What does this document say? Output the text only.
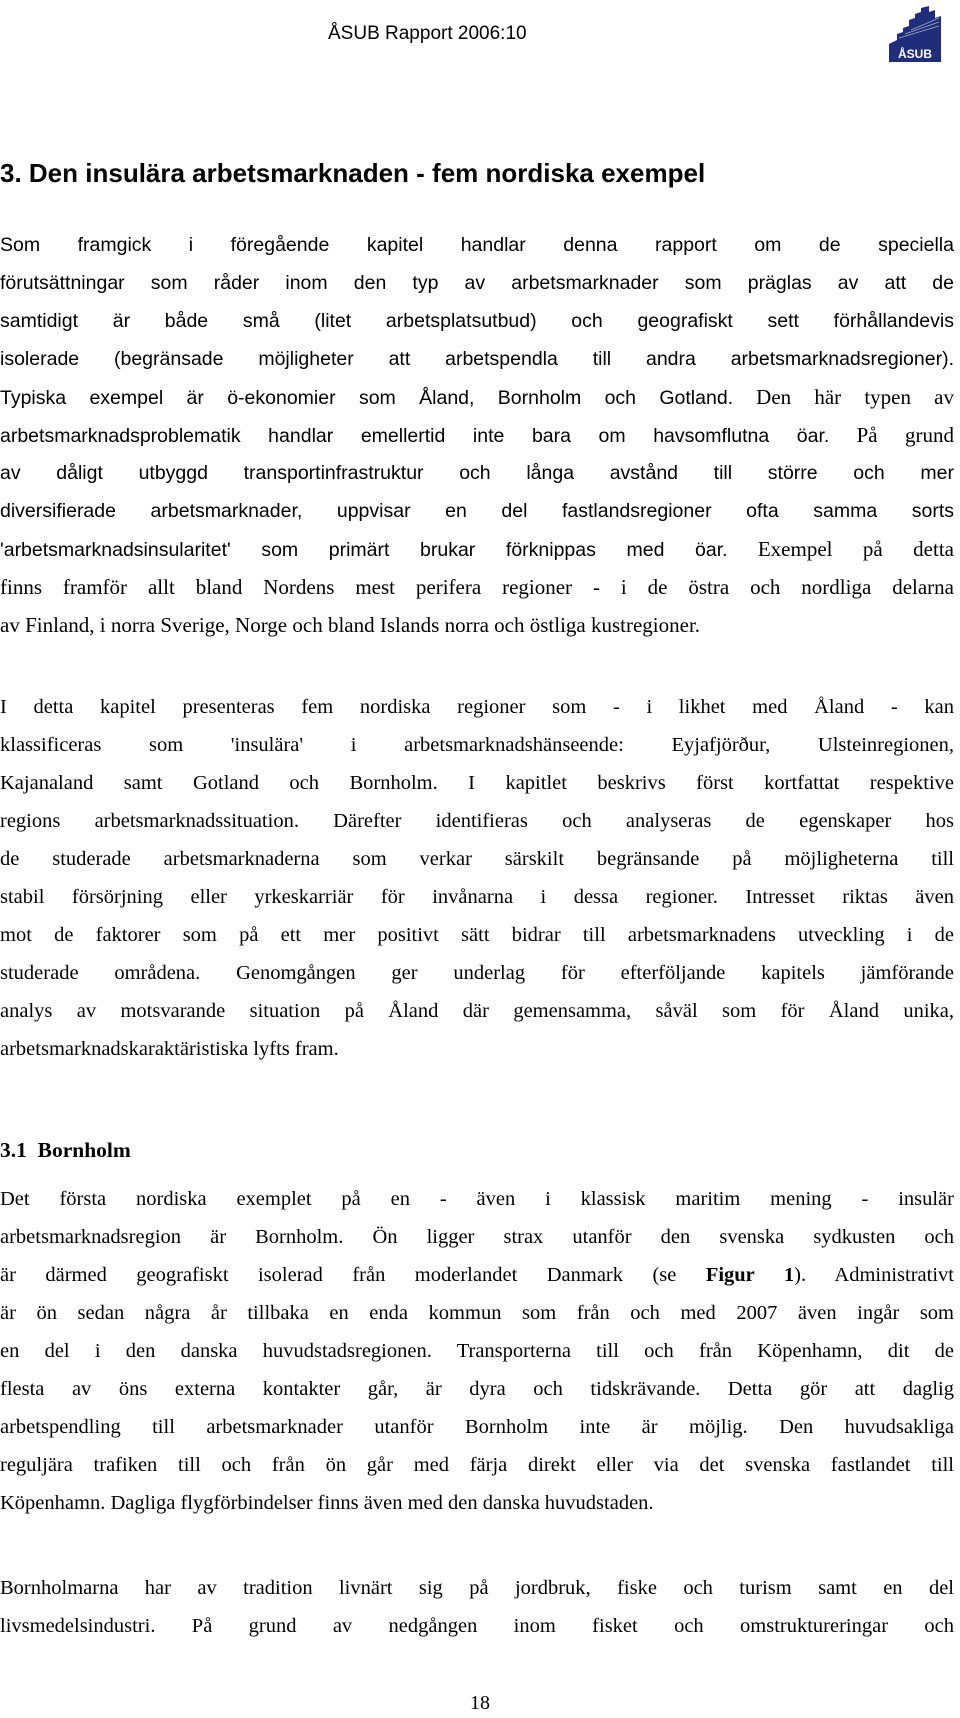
ÅSUB Rapport 2006:10
ÅSUB
3. Den insulära arbetsmarknaden - fem nordiska exempel
Som framgick i föregående kapitel handlar denna rapport om de speciella
förutsättningar som råder inom den typ av arbetsmarknader som präglas av att de
samtidigt är både små (litet arbetsplatsutbud) och geografiskt sett förhållandevis
isolerade (begränsade möjligheter att arbetspendla till andra arbetsmarknadsregioner).
Typiska exempel är ö-ekonomier som Åland, Bornholm och Gotland. Den här typen av
arbetsmarknadsproblematik handlar emellertid inte bara om havsomflutna öar. På grund
av dåligt utbyggd transportinfrastruktur och långa avstånd till större och mer
diversifierade arbetsmarknader, uppvisar en del fastlandsregioner ofta samma sorts
'arbetsmarknadsinsularitet' som primärt brukar förknippas med öar. Exempel på detta
finns framför allt bland Nordens mest perifera regioner - i de östra och nordliga delarna
av Finland, i norra Sverige, Norge och bland Islands norra och östliga kustregioner.
I detta kapitel presenteras fem nordiska regioner som - i likhet med Åland - kan
klassificeras som 'insulära' i arbetsmarknadshänseende: Eyjafjörður, Ulsteinregionen,
Kajanaland samt Gotland och Bornholm. I kapitlet beskrivs först kortfattat respektive
regions arbetsmarknadssituation. Därefter identifieras och analyseras de egenskaper hos
de studerade arbetsmarknaderna som verkar särskilt begränsande på möjligheterna till
stabil försörjning eller yrkeskarriär för invånarna i dessa regioner. Intresset riktas även
mot de faktorer som på ett mer positivt sätt bidrar till arbetsmarknadens utveckling i de
studerade områdena. Genomgången ger underlag för efterföljande kapitels jämförande
analys av motsvarande situation på Åland där gemensamma, såväl som för Åland unika,
arbetsmarknadskaraktäristiska lyfts fram.
3.1  Bornholm
Det första nordiska exemplet på en - även i klassisk maritim mening - insulär
arbetsmarknadsregion är Bornholm. Ön ligger strax utanför den svenska sydkusten och
är därmed geografiskt isolerad från moderlandet Danmark (se Figur 1). Administrativt
är ön sedan några år tillbaka en enda kommun som från och med 2007 även ingår som
en del i den danska huvudstadsregionen. Transporterna till och från Köpenhamn, dit de
flesta av öns externa kontakter går, är dyra och tidskrävande. Detta gör att daglig
arbetspendling till arbetsmarknader utanför Bornholm inte är möjlig. Den huvudsakliga
reguljära trafiken till och från ön går med färja direkt eller via det svenska fastlandet till
Köpenhamn. Dagliga flygförbindelser finns även med den danska huvudstaden.
Bornholmarna har av tradition livnärt sig på jordbruk, fiske och turism samt en del
livsmedelsindustri. På grund av nedgången inom fisket och omstruktureringar och
18
